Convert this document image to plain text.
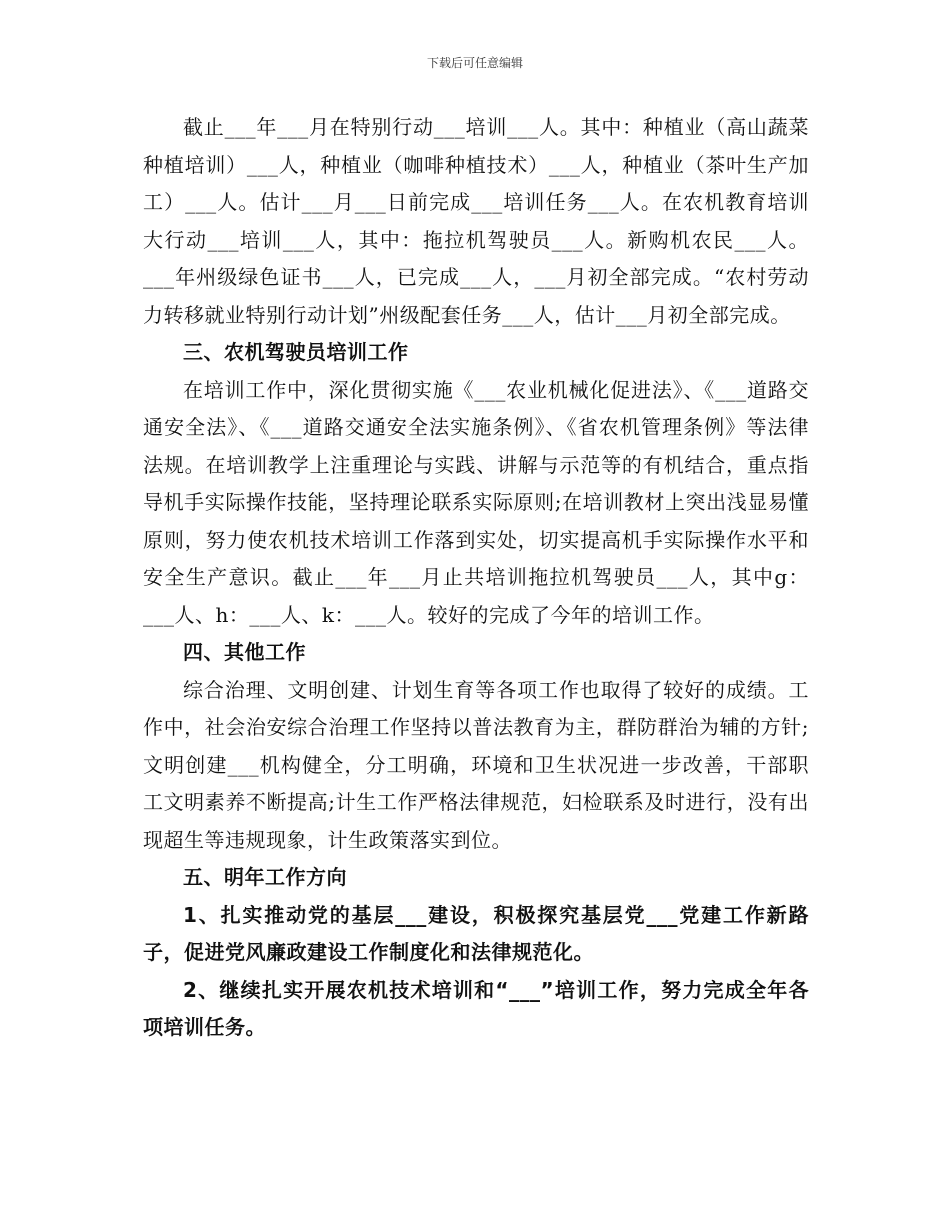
下载后可任意编辑

截止___年___月在特别行动___培训___人。其中：种植业（高山蔬菜种植培训）___人，种植业（咖啡种植技术）___人，种植业（茶叶生产加工）___人。估计___月___日前完成___培训任务___人。在农机教育培训大行动___培训___人，其中：拖拉机驾驶员___人。新购机农民___人。___年州级绿色证书___人，已完成___人，___月初全部完成。“农村劳动力转移就业特别行动计划”州级配套任务___人，估计___月初全部完成。

三、农机驾驶员培训工作

在培训工作中，深化贯彻实施《___农业机械化促进法》、《___道路交通安全法》、《___道路交通安全法实施条例》、《省农机管理条例》等法律法规。在培训教学上注重理论与实践、讲解与示范等的有机结合，重点指导机手实际操作技能，坚持理论联系实际原则;在培训教材上突出浅显易懂原则，努力使农机技术培训工作落到实处，切实提高机手实际操作水平和安全生产意识。截止___年___月止共培训拖拉机驾驶员___人，其中g：___人、h：___人、k：___人。较好的完成了今年的培训工作。

四、其他工作

综合治理、文明创建、计划生育等各项工作也取得了较好的成绩。工作中，社会治安综合治理工作坚持以普法教育为主，群防群治为辅的方针;文明创建___机构健全，分工明确，环境和卫生状况进一步改善，干部职工文明素养不断提高;计生工作严格法律规范，妇检联系及时进行，没有出现超生等违规现象，计生政策落实到位。

五、明年工作方向

1、扎实推动党的基层___建设，积极探究基层党___党建工作新路子，促进党风廉政建设工作制度化和法律规范化。

2、继续扎实开展农机技术培训和“___”培训工作，努力完成全年各项培训任务。
